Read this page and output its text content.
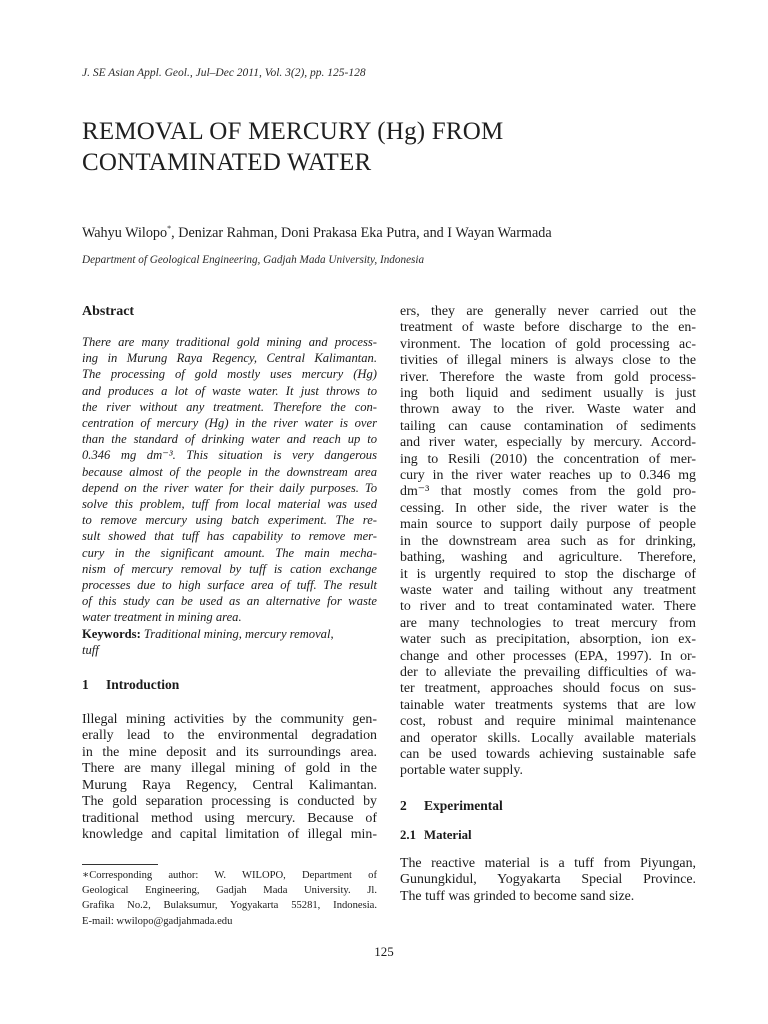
J. SE Asian Appl. Geol., Jul–Dec 2011, Vol. 3(2), pp. 125-128
REMOVAL OF MERCURY (Hg) FROM
CONTAMINATED WATER
Wahyu Wilopo*, Denizar Rahman, Doni Prakasa Eka Putra, and I Wayan Warmada
Department of Geological Engineering, Gadjah Mada University, Indonesia
Abstract
There are many traditional gold mining and process-
ing in Murung Raya Regency, Central Kalimantan.
The processing of gold mostly uses mercury (Hg)
and produces a lot of waste water. It just throws to
the river without any treatment. Therefore the con-
centration of mercury (Hg) in the river water is over
than the standard of drinking water and reach up to
0.346 mg dm⁻³. This situation is very dangerous
because almost of the people in the downstream area
depend on the river water for their daily purposes. To
solve this problem, tuff from local material was used
to remove mercury using batch experiment. The re-
sult showed that tuff has capability to remove mer-
cury in the significant amount. The main mecha-
nism of mercury removal by tuff is cation exchange
processes due to high surface area of tuff. The result
of this study can be used as an alternative for waste
water treatment in mining area.
Keywords: Traditional mining, mercury removal,
tuff
1 Introduction
Illegal mining activities by the community gen-
erally lead to the environmental degradation
in the mine deposit and its surroundings area.
There are many illegal mining of gold in the
Murung Raya Regency, Central Kalimantan.
The gold separation processing is conducted by
traditional method using mercury. Because of
knowledge and capital limitation of illegal min-
∗Corresponding author: W. WILOPO, Department of
Geological Engineering, Gadjah Mada University. Jl.
Grafika No.2, Bulaksumur, Yogyakarta 55281, Indonesia.
E-mail: wwilopo@gadjahmada.edu
ers, they are generally never carried out the
treatment of waste before discharge to the en-
vironment. The location of gold processing ac-
tivities of illegal miners is always close to the
river. Therefore the waste from gold process-
ing both liquid and sediment usually is just
thrown away to the river. Waste water and
tailing can cause contamination of sediments
and river water, especially by mercury. Accord-
ing to Resili (2010) the concentration of mer-
cury in the river water reaches up to 0.346 mg
dm⁻³ that mostly comes from the gold pro-
cessing. In other side, the river water is the
main source to support daily purpose of people
in the downstream area such as for drinking,
bathing, washing and agriculture. Therefore,
it is urgently required to stop the discharge of
waste water and tailing without any treatment
to river and to treat contaminated water. There
are many technologies to treat mercury from
water such as precipitation, absorption, ion ex-
change and other processes (EPA, 1997). In or-
der to alleviate the prevailing difficulties of wa-
ter treatment, approaches should focus on sus-
tainable water treatments systems that are low
cost, robust and require minimal maintenance
and operator skills. Locally available materials
can be used towards achieving sustainable safe
portable water supply.
2 Experimental
2.1 Material
The reactive material is a tuff from Piyungan,
Gunungkidul, Yogyakarta Special Province.
The tuff was grinded to become sand size.
125
